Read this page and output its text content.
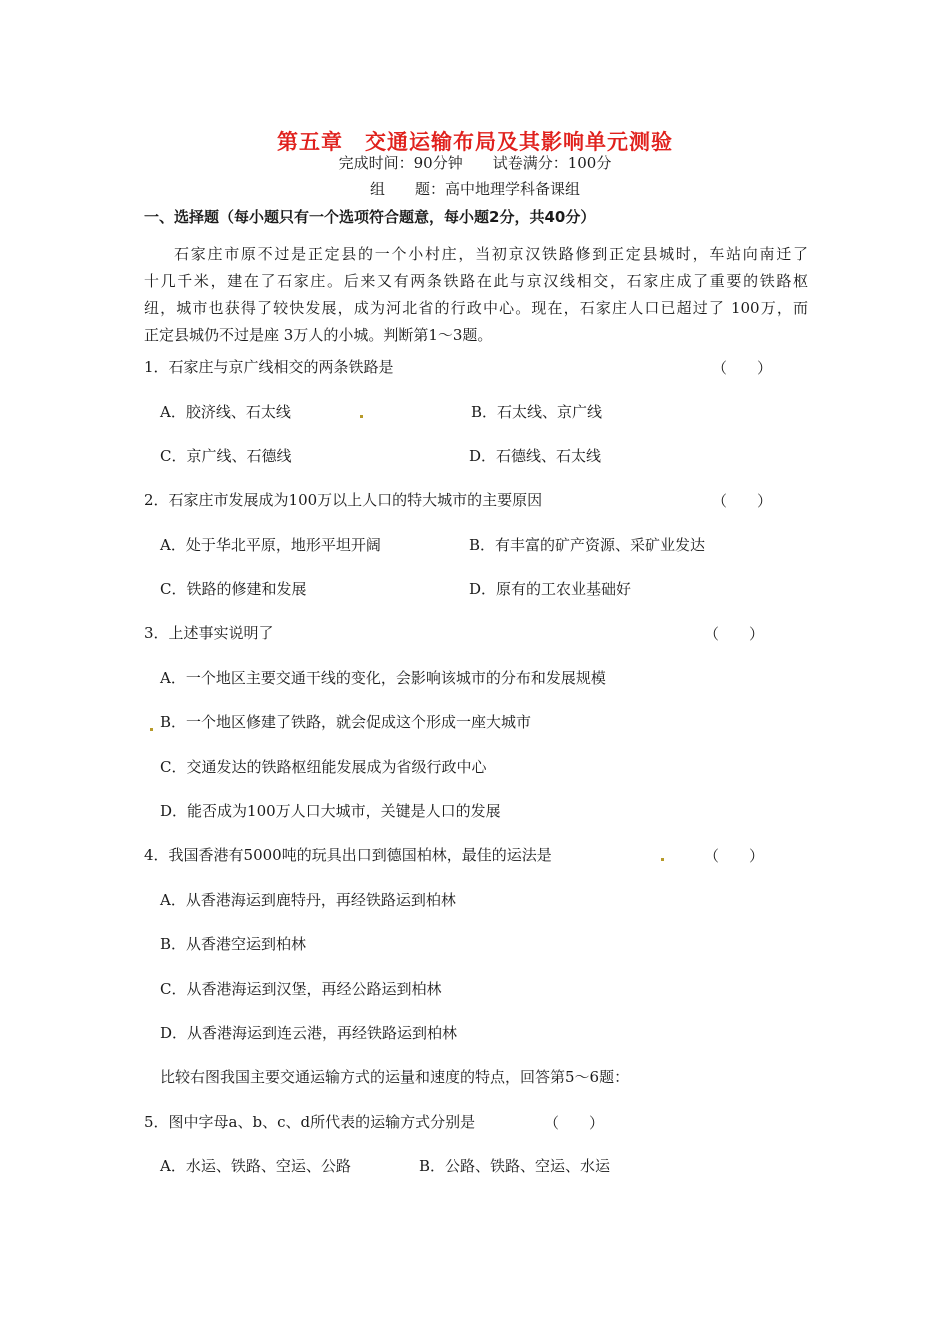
第五章　交通运输布局及其影响单元测验
完成时间：90分钟　　试卷满分：100分
组　　题：高中地理学科备课组
一、选择题（每小题只有一个选项符合题意，每小题2分，共40分）

石家庄市原不过是正定县的一个小村庄，当初京汉铁路修到正定县城时，车站向南迁了

十几千米，建在了石家庄。后来又有两条铁路在此与京汉线相交，石家庄成了重要的铁路枢

纽，城市也获得了较快发展，成为河北省的行政中心。现在，石家庄人口已超过了 100万，而

正定县城仍不过是座 3万人的小城。判断第1～3题。

1．石家庄与京广线相交的两条铁路是	（　　）
A．胶济线、石太线	B．石太线、京广线
C．京广线、石德线	D．石德线、石太线
2．石家庄市发展成为100万以上人口的特大城市的主要原因	（　　）
A．处于华北平原，地形平坦开阔	B．有丰富的矿产资源、采矿业发达
C．铁路的修建和发展	D．原有的工农业基础好
3．上述事实说明了	（　　）
A．一个地区主要交通干线的变化，会影响该城市的分布和发展规模
B．一个地区修建了铁路，就会促成这个形成一座大城市
C．交通发达的铁路枢纽能发展成为省级行政中心
D．能否成为100万人口大城市，关键是人口的发展
4．我国香港有5000吨的玩具出口到德国柏林，最佳的运法是	（　　）
A．从香港海运到鹿特丹，再经铁路运到柏林
B．从香港空运到柏林
C．从香港海运到汉堡，再经公路运到柏林
D．从香港海运到连云港，再经铁路运到柏林
比较右图我国主要交通运输方式的运量和速度的特点，回答第5～6题：
5．图中字母a、b、c、d所代表的运输方式分别是	（　　）
A．水运、铁路、空运、公路	B．公路、铁路、空运、水运
